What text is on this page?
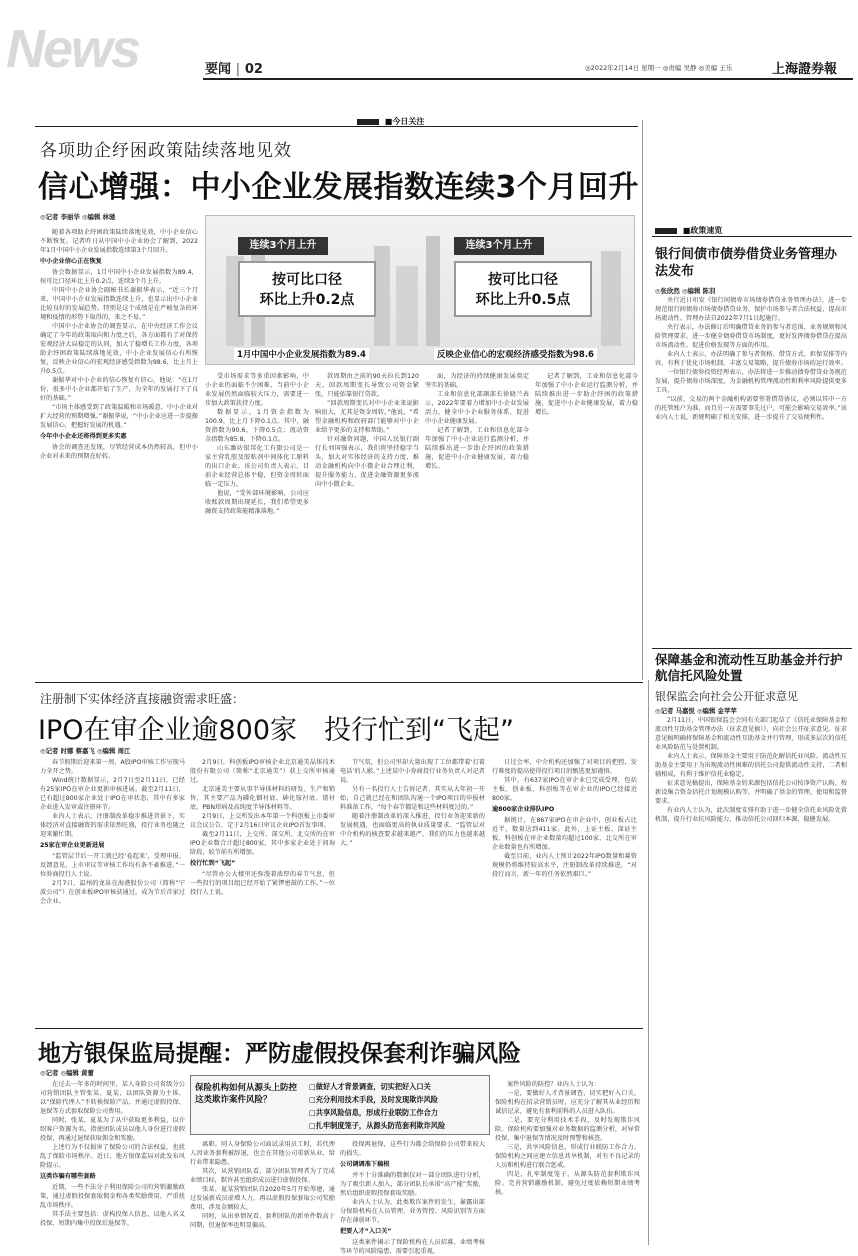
News	要闻 | 02	◎2022年2月14日 星期一 ◎责编 吴静 ◎美编 王乐	上海證券報
■今日关注
各项助企纾困政策陆续落地见效
信心增强：中小企业发展指数连续3个月回升
◎记者 李丽华 ◎编辑 林驰
连续3个月上升
按可比口径
环比上升0.2点
连续3个月上升
按可比口径
环比上升0.5点
1月中国中小企业发展指数为89.4	反映企业信心的宏观经济感受指数为98.6

随着各项助企纾困政策陆续落地见效，中小企业信心不断恢复。记者昨日从中国中小企业协会了解到，2022年1月中国中小企业发展指数连续第3个月回升。

中小企业信心正在恢复

协会数据显示，1月中国中小企业发展指数为89.4，按可比口径环比上升0.2点，连续3个月上升。

中国中小企业协会副秘书长谢振华表示，“近三个月来，中国中小企业发展指数连续上升，也显示出中小企业比较良好的发展趋势。特别是这个成绩是在严峻复杂的环境和疫情的形势下取得的，来之不易。”

中国中小企业协会的调查显示，在中央经济工作会议确定了今年的政策取向和力度之后，各方面都有了对保持宏观经济大局稳定的认同，加大了稳增长工作力度，各项助企纾困政策陆续落地见效，中小企业发展信心有所恢复，反映企业信心的宏观经济感受指数为98.6，比上月上升0.5点。

谢振华对中小企业的信心恢复有信心，他说：“在1月份，很多中小企业都开始了生产，为全年的发展打下了良好的基础。”

“市场主体感受到了政策温暖和市场暖意。中小企业对扩大经营的预期增强。”谢振华说，“中小企业应进一步提振发展信心，把握好发展的机遇。”

今年中小企业还将得到更多实惠

协会的调查还发现，尽管经营成本仍然较高，但中小企业对未来的预期在好转。

受市场需求等多重因素影响，中小企业仍面临不少困难，当前中小企业发展仍然面临较大压力，需要进一步加大政策扶持力度。

数据显示，1月资金指数为100.9，比上月下降0.1点。其中，融资指数为90.6，下降0.5点；流动资金指数为85.8，下降0.1点。

山东潍坊银邦化工有限公司是一家主营乳胶及胶粘剂中间体化工原料的出口企业。该公司负责人表示，目前企业经营总体平稳，但资金周转面临一定压力。

他说，“受外部环境影响，公司应收账款周期出现延长，我们希望更多融资支持政策能精准落地。”

款周期由之前的90天拉长到120天。回款周期变长导致公司资金紧张，只能依靠银行贷款。

“回款周期变长对中小企业来说影响很大，尤其是资金周转。”他说，“希望金融机构和政府部门能够对中小企业给予更多的支持和帮助。”

针对融资问题，中国人民银行副行长刘国强表示，我们将坚持稳字当头，加大对实体经济的支持力度，推动金融机构向中小微企业合理让利，提升服务能力，促进金融资源更多流向中小微企业。

面，为经济的持续健康发展奠定坚实的基础。

工业和信息化部副部长徐晓兰表示，2022年要着力增加中小企业发展活力，健全中小企业服务体系，促进中小企业健康发展。

记者了解到，工业和信息化部今年加强了中小企业运行监测分析，并陆续推出进一步助企纾困的政策措施，促进中小企业健康发展，着力稳增长。

记者了解到，工业和信息化部今年加强了中小企业运行监测分析，并陆续推出进一步助企纾困的政策措施，促进中小企业健康发展，着力稳增长。

■政策速览
银行间债市债券借贷业务管理办法发布
◎张欣然 ◎编辑 陈羽

央行近日印发《银行间债券市场债券借贷业务管理办法》，进一步规范银行间债券市场债券借贷业务，保护市场参与者合法权益，提高市场流动性。管理办法自2022年7月1日起施行。

央行表示，办法修订后明确借贷业务的参与者范围、业务规则和风险管理要求，进一步健全债券借贷市场制度，更好发挥债券借贷在提高市场流动性、促进价格发现等方面的作用。

业内人士表示，办法明确了参与者资格、借贷方式、担保安排等内容，有利于优化市场机制，丰富交易策略，提升债券市场的运行效率。

一位银行债券投资经理表示，办法将进一步推动债券借贷业务规范发展，提升债券市场深度，为金融机构管理流动性和利率风险提供更多工具。

“以前，交易的两个金融机构需要签署借贷协议，必须以其中一方的托管账户为准，而且另一方需要事先过户，可能会影响交易效率。”该业内人士说，新规明确了相关安排，进一步提升了交易便利性。

保障基金和流动性互助基金并行护航信托风险处置
银保监会向社会公开征求意见
◎记者 马嘉悦 ◎编辑 金苹苹

2月11日，中国银保监会会同有关部门起草了《信托业保障基金和流动性互助基金管理办法（征求意见稿）》，向社会公开征求意见。征求意见稿明确将保障基金和流动性互助基金并行管理，形成多层次的信托业风险防范与处置机制。

业内人士表示，保障基金主要用于防范化解信托业风险，流动性互助基金主要用于为出现流动性困难的信托公司提供流动性支持，二者相辅相成，有利于维护信托业稳定。

征求意见稿提出，保障基金的来源包括信托公司按净资产认购、按新设集合资金信托计划规模认购等，并明确了基金的管理、使用和监督要求。

有业内人士认为，此次制度安排有助于进一步健全信托业风险处置机制，提升行业抗风险能力，推动信托公司回归本源、稳健发展。

注册制下实体经济直接融资需求旺盛：
IPO在审企业逾800家　投行忙到“飞起”
◎记者 时娜 蔡嘉飞 ◎编辑 周江

春节假期后迎来第一周，A股IPO审核工作呈现马力全开之势。

Wind统计数据显示，2月7日至2月11日，已经有25家IPO在审企业更新审核进展。截至2月11日，已有超过800家企业处于IPO在审状态，其中有多家企业进入发审或注册环节。

业内人士表示，注册制改革稳步推进背景下，实体经济对直接融资的需求依然旺盛，投行业务也随之迎来繁忙期。

25家在审企业更新进展

“监管层节后一开工就已经‘卷起来’，受理申报、反馈意见、上市审议等审核工作均有条不紊推进。”一位券商投行人士说。

2月7日，温州的龙泉在海港股份公司（简称“宁波公司”）在创业板IPO审核获通过，成为节后首家过会企业。

2月9日，科创板IPO审核企业北京通美晶体技术股份有限公司（简称“北京通美”）获上交所审核通过。

北京通美主要从事半导体材料的研发、生产和销售，其主要产品为磷化铟衬底、砷化镓衬底、锗衬底、PBN坩埚及高纯度半导体材料等。

2月9日，上交所发出本年第一个科创板上市委审议会议公告，定于2月16日审议企业IPO首发事项。

截至2月11日，上交所、深交所、北交所的在审IPO企业数合计超过800家，其中多家企业处于问询阶段，较节前有所增加。

投行忙到“飞起”

“尽管办公大楼里还弥漫着浓厚的春节气息，但一些投行的项目组已经开始了紧锣密鼓的工作。”一位投行人士说。

节气氛，但公司里却大量出现了工位都带着‘打着电话’的人影。”上述某中小券商投行业务负责人对记者说。

另有一名投行人士告诉记者，其实从大年初一开始，自己就已经在和团队沟通一个IPO项目的申报材料准备工作，“每个春节都是和这些材料度过的。”

随着注册制改革的深入推进，投行业务迎来新的发展机遇，也面临更高的执业质量要求。“监管层对中介机构的核查要求越来越严，我们的压力也越来越大。”

日过会率，中介机构还加强了对项目的把控，发行难度的提高使得投行项目的甄选更加谨慎。

其中，有637家IPO在审企业已完成受理，包括主板、创业板、科创板等在审企业的IPO已经接近800家。

逾800家企业排队IPO

据统计，在867家IPO在审企业中，创业板占比近半，数量达到411家。此外，上证主板、深证主板、科创板在审企业数量均超过100家，北交所在审企业数量也有所增加。

截至目前，业内人士预计2022年IPO数量和募资规模仍将维持较高水平，注册制改革持续推进，“对投行而言，新一年的任务依然艰巨。”

地方银保监局提醒：严防虚假投保套利诈骗风险
◎记者 ◎编辑 黄蕾

在过去一年多的时间里，某人身险公司省级分公司营销团队主管张某、夏某，以团队资源为主体，以“保险代理人”不转换保险产品，并通过虚假投保、退保等方式套取保险公司费用。

同时，张某、夏某为了从中获取更多利益，以介绍客户资源为名，指使团队成员以他人身份进行虚假投保，再通过退保获取佣金和奖励。

上述行为不仅损害了保险公司的合法权益，也扰乱了保险市场秩序。近日，地方银保监局对此发布风险提示。

这类诈骗有哪些套路

近期，一些不法分子利用保险公司的营销激励政策，通过虚假投保套取佣金和各类奖励费用，严重扰乱市场秩序。

其手法主要包括：虚构投保人信息、以他人名义投保、短期内集中投保后退保等。

保险机构如何从源头上防控这类欺诈案件风险？
□做好人才背景调查，切实把好入口关
□充分利用技术手段，及时发现欺诈风险
□共享风险信息，形成行业联防工作合力
□扎牢制度笼子，从源头防范套利欺诈风险

离职。同人身保险公司面试录用员工时，若代理人因业务套利被辞退，也会在其他公司重新从业，给行业带来隐患。

其次，从营销团队看，部分团队管理者为了完成业绩目标，默许甚至组织成员进行虚假投保。

张某、夏某营销团队自2020年5月开始筹建，通过发展新成员虚增人力，再以虚假投保套取公司奖励费用，涉及金额较大。

同时，从出单情况看，套利团队的新单件数高于同期，但退保率也明显偏高。

投保再退保，这些行为都会给保险公司带来较大的损失。

公司调调准下稿根

并不十分准确的数据仅对一部分团队进行分析，为了吸引新人加入，部分团队长承诺“高产能”奖励，然后组织虚假投保套取奖励。

业内人士认为，此类欺诈案件的发生，暴露出部分保险机构在人员管理、业务管控、风险识别等方面存在薄弱环节。

把要人才“入口关”

这类案件揭示了保险机构在人员招募、业绩考核等环节的风险隐患，需要引起重视。

案件风险的防控？业内人士认为：

一是，要做好人才背景调查，切实把好入口关。保险机构在招录营销员时，应充分了解其从业经历和诚信记录，避免有套利前科的人员进入队伍。

二是，要充分利用技术手段，及时发现欺诈风险。保险机构要加强对业务数据的监测分析，对异常投保、集中退保等情况及时预警和核查。

三是，共享风险信息，形成行业联防工作合力。保险机构之间应建立信息共享机制，对有不良记录的人员和机构进行联合惩戒。

四是，扎牢制度笼子，从源头防范套利欺诈风险。完善营销激励机制，避免过度依赖短期业绩考核。
